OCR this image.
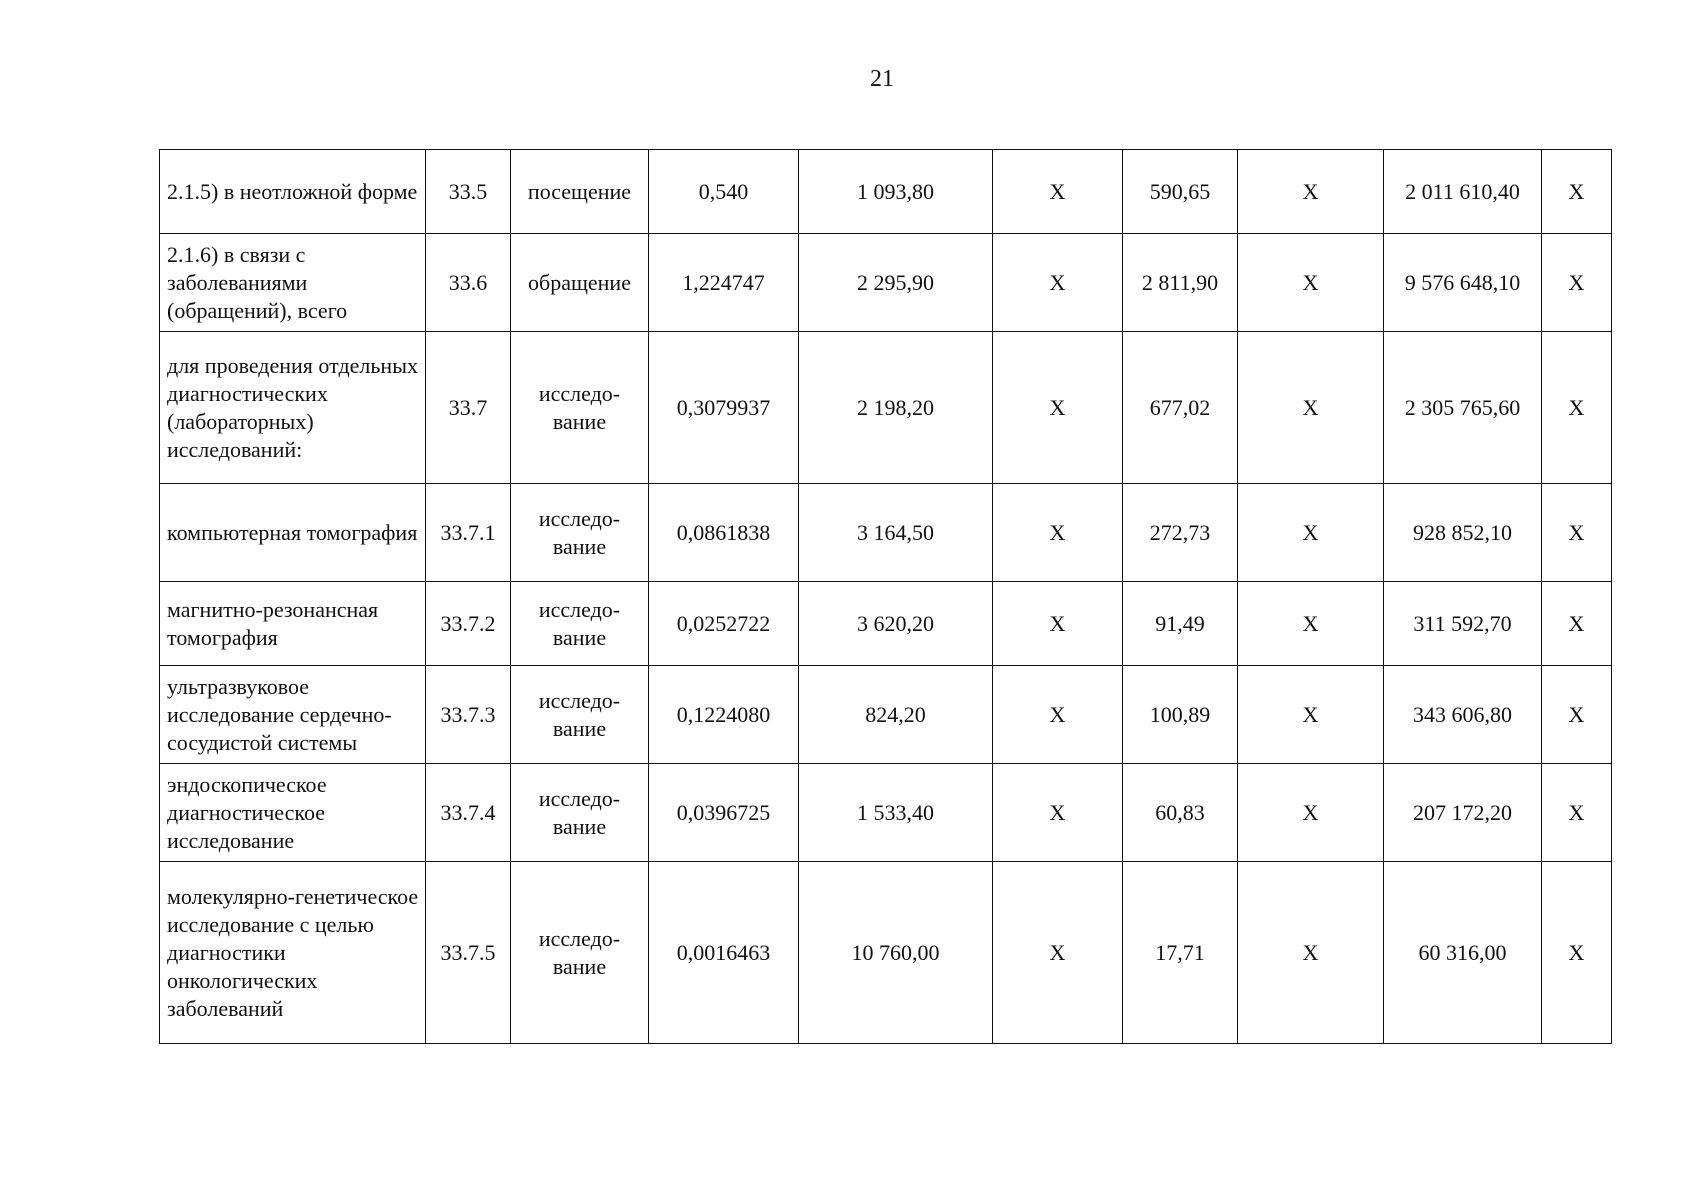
21
2.1.5) в неотложной форме	33.5	посещение	0,540	1 093,80	X	590,65	X	2 011 610,40	X
2.1.6) в связи с заболеваниями (обращений), всего	33.6	обращение	1,224747	2 295,90	X	2 811,90	X	9 576 648,10	X
для проведения отдельных диагностических (лабораторных) исследований:	33.7	исследо-вание	0,3079937	2 198,20	X	677,02	X	2 305 765,60	X
компьютерная томография	33.7.1	исследо-вание	0,0861838	3 164,50	X	272,73	X	928 852,10	X
магнитно-резонансная томография	33.7.2	исследо-вание	0,0252722	3 620,20	X	91,49	X	311 592,70	X
ультразвуковое исследование сердечно-сосудистой системы	33.7.3	исследо-вание	0,1224080	824,20	X	100,89	X	343 606,80	X
эндоскопическое диагностическое исследование	33.7.4	исследо-вание	0,0396725	1 533,40	X	60,83	X	207 172,20	X
молекулярно-генетическое исследование с целью диагностики онкологических заболеваний	33.7.5	исследо-вание	0,0016463	10 760,00	X	17,71	X	60 316,00	X
